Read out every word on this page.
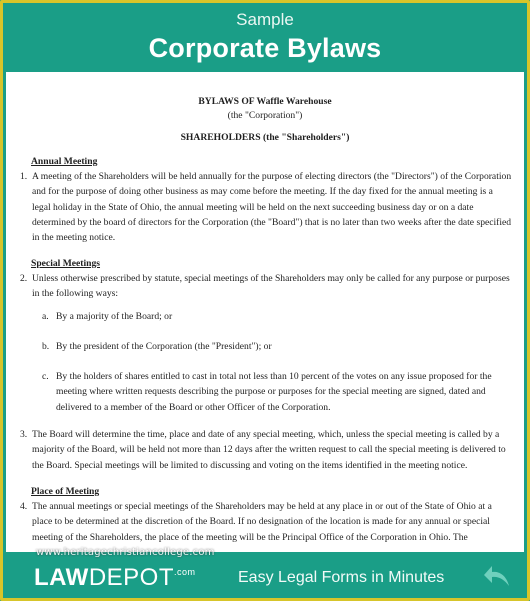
Sample
Corporate Bylaws
BYLAWS OF Waffle Warehouse
(the "Corporation")
SHAREHOLDERS (the "Shareholders")
Annual Meeting
1. A meeting of the Shareholders will be held annually for the purpose of electing directors (the "Directors") of the Corporation and for the purpose of doing other business as may come before the meeting. If the day fixed for the annual meeting is a legal holiday in the State of Ohio, the annual meeting will be held on the next succeeding business day or on a date determined by the board of directors for the Corporation (the "Board") that is no later than two weeks after the date specified in the meeting notice.
Special Meetings
2. Unless otherwise prescribed by statute, special meetings of the Shareholders may only be called for any purpose or purposes in the following ways:
a. By a majority of the Board; or
b. By the president of the Corporation (the "President"); or
c. By the holders of shares entitled to cast in total not less than 10 percent of the votes on any issue proposed for the meeting where written requests describing the purpose or purposes for the special meeting are signed, dated and delivered to a member of the Board or other Officer of the Corporation.
3. The Board will determine the time, place and date of any special meeting, which, unless the special meeting is called by a majority of the Board, will be held not more than 12 days after the written request to call the special meeting is delivered to the Board. Special meetings will be limited to discussing and voting on the items identified in the meeting notice.
Place of Meeting
4. The annual meetings or special meetings of the Shareholders may be held at any place in or out of the State of Ohio at a place to be determined at the discretion of the Board. If no designation of the location is made for any annual or special meeting of the Shareholders, the place of the meeting will be the Principal Office of the Corporation in Ohio. The
www.heritagechristiancollege.com
$LAWDEPOT^{.com}$	Easy Legal Forms in Minutes
